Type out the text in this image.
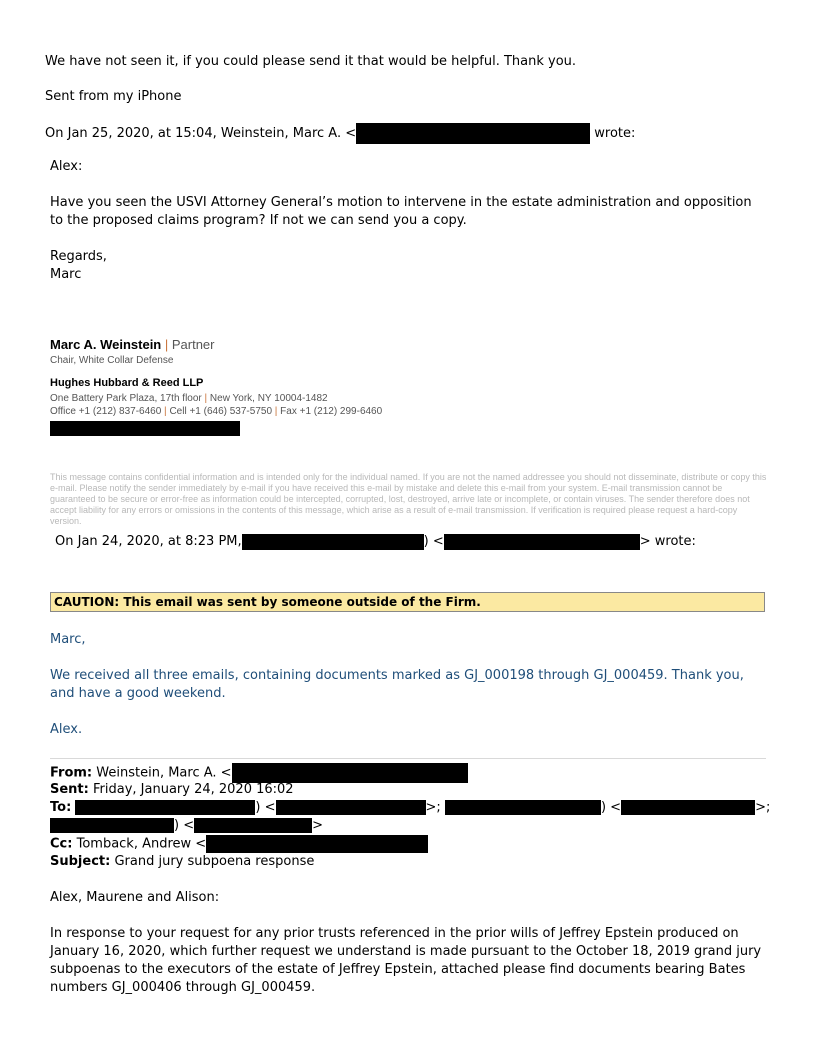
We have not seen it, if you could please send it that would be helpful. Thank you.
Sent from my iPhone
On Jan 25, 2020, at 15:04, Weinstein, Marc A. <	wrote:
Alex:
Have you seen the USVI Attorney General’s motion to intervene in the estate administration and opposition to the proposed claims program? If not we can send you a copy.
Regards,
Marc
Marc A. Weinstein | Partner
Chair, White Collar Defense
Hughes Hubbard & Reed LLP
One Battery Park Plaza, 17th floor | New York, NY 10004-1482
Office +1 (212) 837-6460 | Cell +1 (646) 537-5750 | Fax +1 (212) 299-6460
This message contains confidential information and is intended only for the individual named. If you are not the named addressee you should not disseminate, distribute or copy this e-mail. Please notify the sender immediately by e-mail if you have received this e-mail by mistake and delete this e-mail from your system. E-mail transmission cannot be guaranteed to be secure or error-free as information could be intercepted, corrupted, lost, destroyed, arrive late or incomplete, or contain viruses. The sender therefore does not accept liability for any errors or omissions in the contents of this message, which arise as a result of e-mail transmission. If verification is required please request a hard-copy version.
On Jan 24, 2020, at 8:23 PM,	) <	> wrote:
CAUTION: This email was sent by someone outside of the Firm.
Marc,
We received all three emails, containing documents marked as GJ_000198 through GJ_000459. Thank you, and have a good weekend.
Alex.
From: Weinstein, Marc A. <
Sent: Friday, January 24, 2020 16:02
To:	) <	>;	) <	>;
) <	>
Cc: Tomback, Andrew <
Subject: Grand jury subpoena response
Alex, Maurene and Alison:
In response to your request for any prior trusts referenced in the prior wills of Jeffrey Epstein produced on January 16, 2020, which further request we understand is made pursuant to the October 18, 2019 grand jury subpoenas to the executors of the estate of Jeffrey Epstein, attached please find documents bearing Bates numbers GJ_000406 through GJ_000459.
